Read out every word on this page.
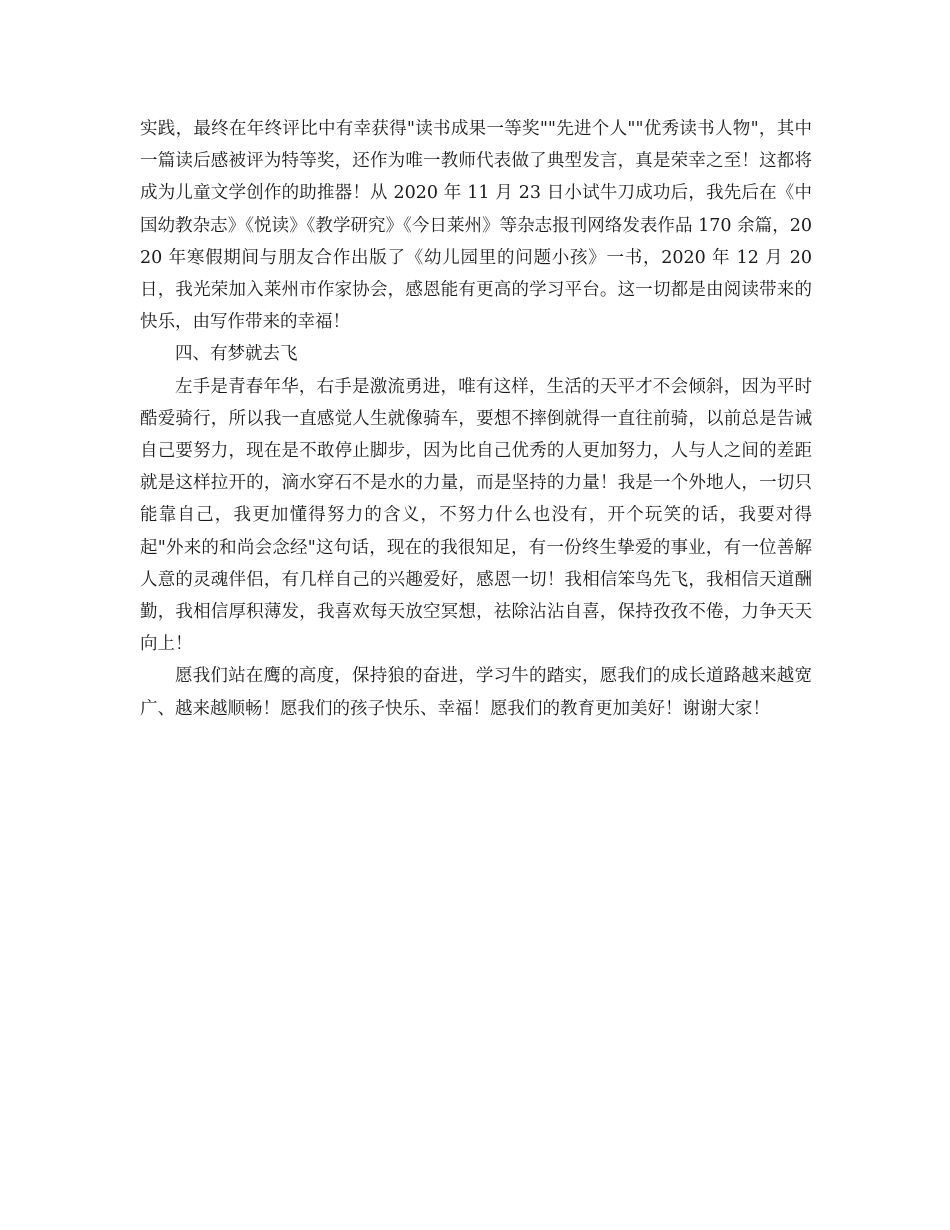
实践，最终在年终评比中有幸获得"读书成果一等奖""先进个人""优秀读书人物"，其中一篇读后感被评为特等奖，还作为唯一教师代表做了典型发言，真是荣幸之至！这都将成为儿童文学创作的助推器！从 2020 年 11 月 23 日小试牛刀成功后，我先后在《中国幼教杂志》《悦读》《教学研究》《今日莱州》等杂志报刊网络发表作品 170 余篇，2020 年寒假期间与朋友合作出版了《幼儿园里的问题小孩》一书，2020 年 12 月 20 日，我光荣加入莱州市作家协会，感恩能有更高的学习平台。这一切都是由阅读带来的快乐，由写作带来的幸福！

四、有梦就去飞

左手是青春年华，右手是激流勇进，唯有这样，生活的天平才不会倾斜，因为平时酷爱骑行，所以我一直感觉人生就像骑车，要想不摔倒就得一直往前骑，以前总是告诫自己要努力，现在是不敢停止脚步，因为比自己优秀的人更加努力，人与人之间的差距就是这样拉开的，滴水穿石不是水的力量，而是坚持的力量！我是一个外地人，一切只能靠自己，我更加懂得努力的含义，不努力什么也没有，开个玩笑的话，我要对得起"外来的和尚会念经"这句话，现在的我很知足，有一份终生挚爱的事业，有一位善解人意的灵魂伴侣，有几样自己的兴趣爱好，感恩一切！我相信笨鸟先飞，我相信天道酬勤，我相信厚积薄发，我喜欢每天放空冥想，祛除沾沾自喜，保持孜孜不倦，力争天天向上！

愿我们站在鹰的高度，保持狼的奋进，学习牛的踏实，愿我们的成长道路越来越宽广、越来越顺畅！愿我们的孩子快乐、幸福！愿我们的教育更加美好！谢谢大家！
